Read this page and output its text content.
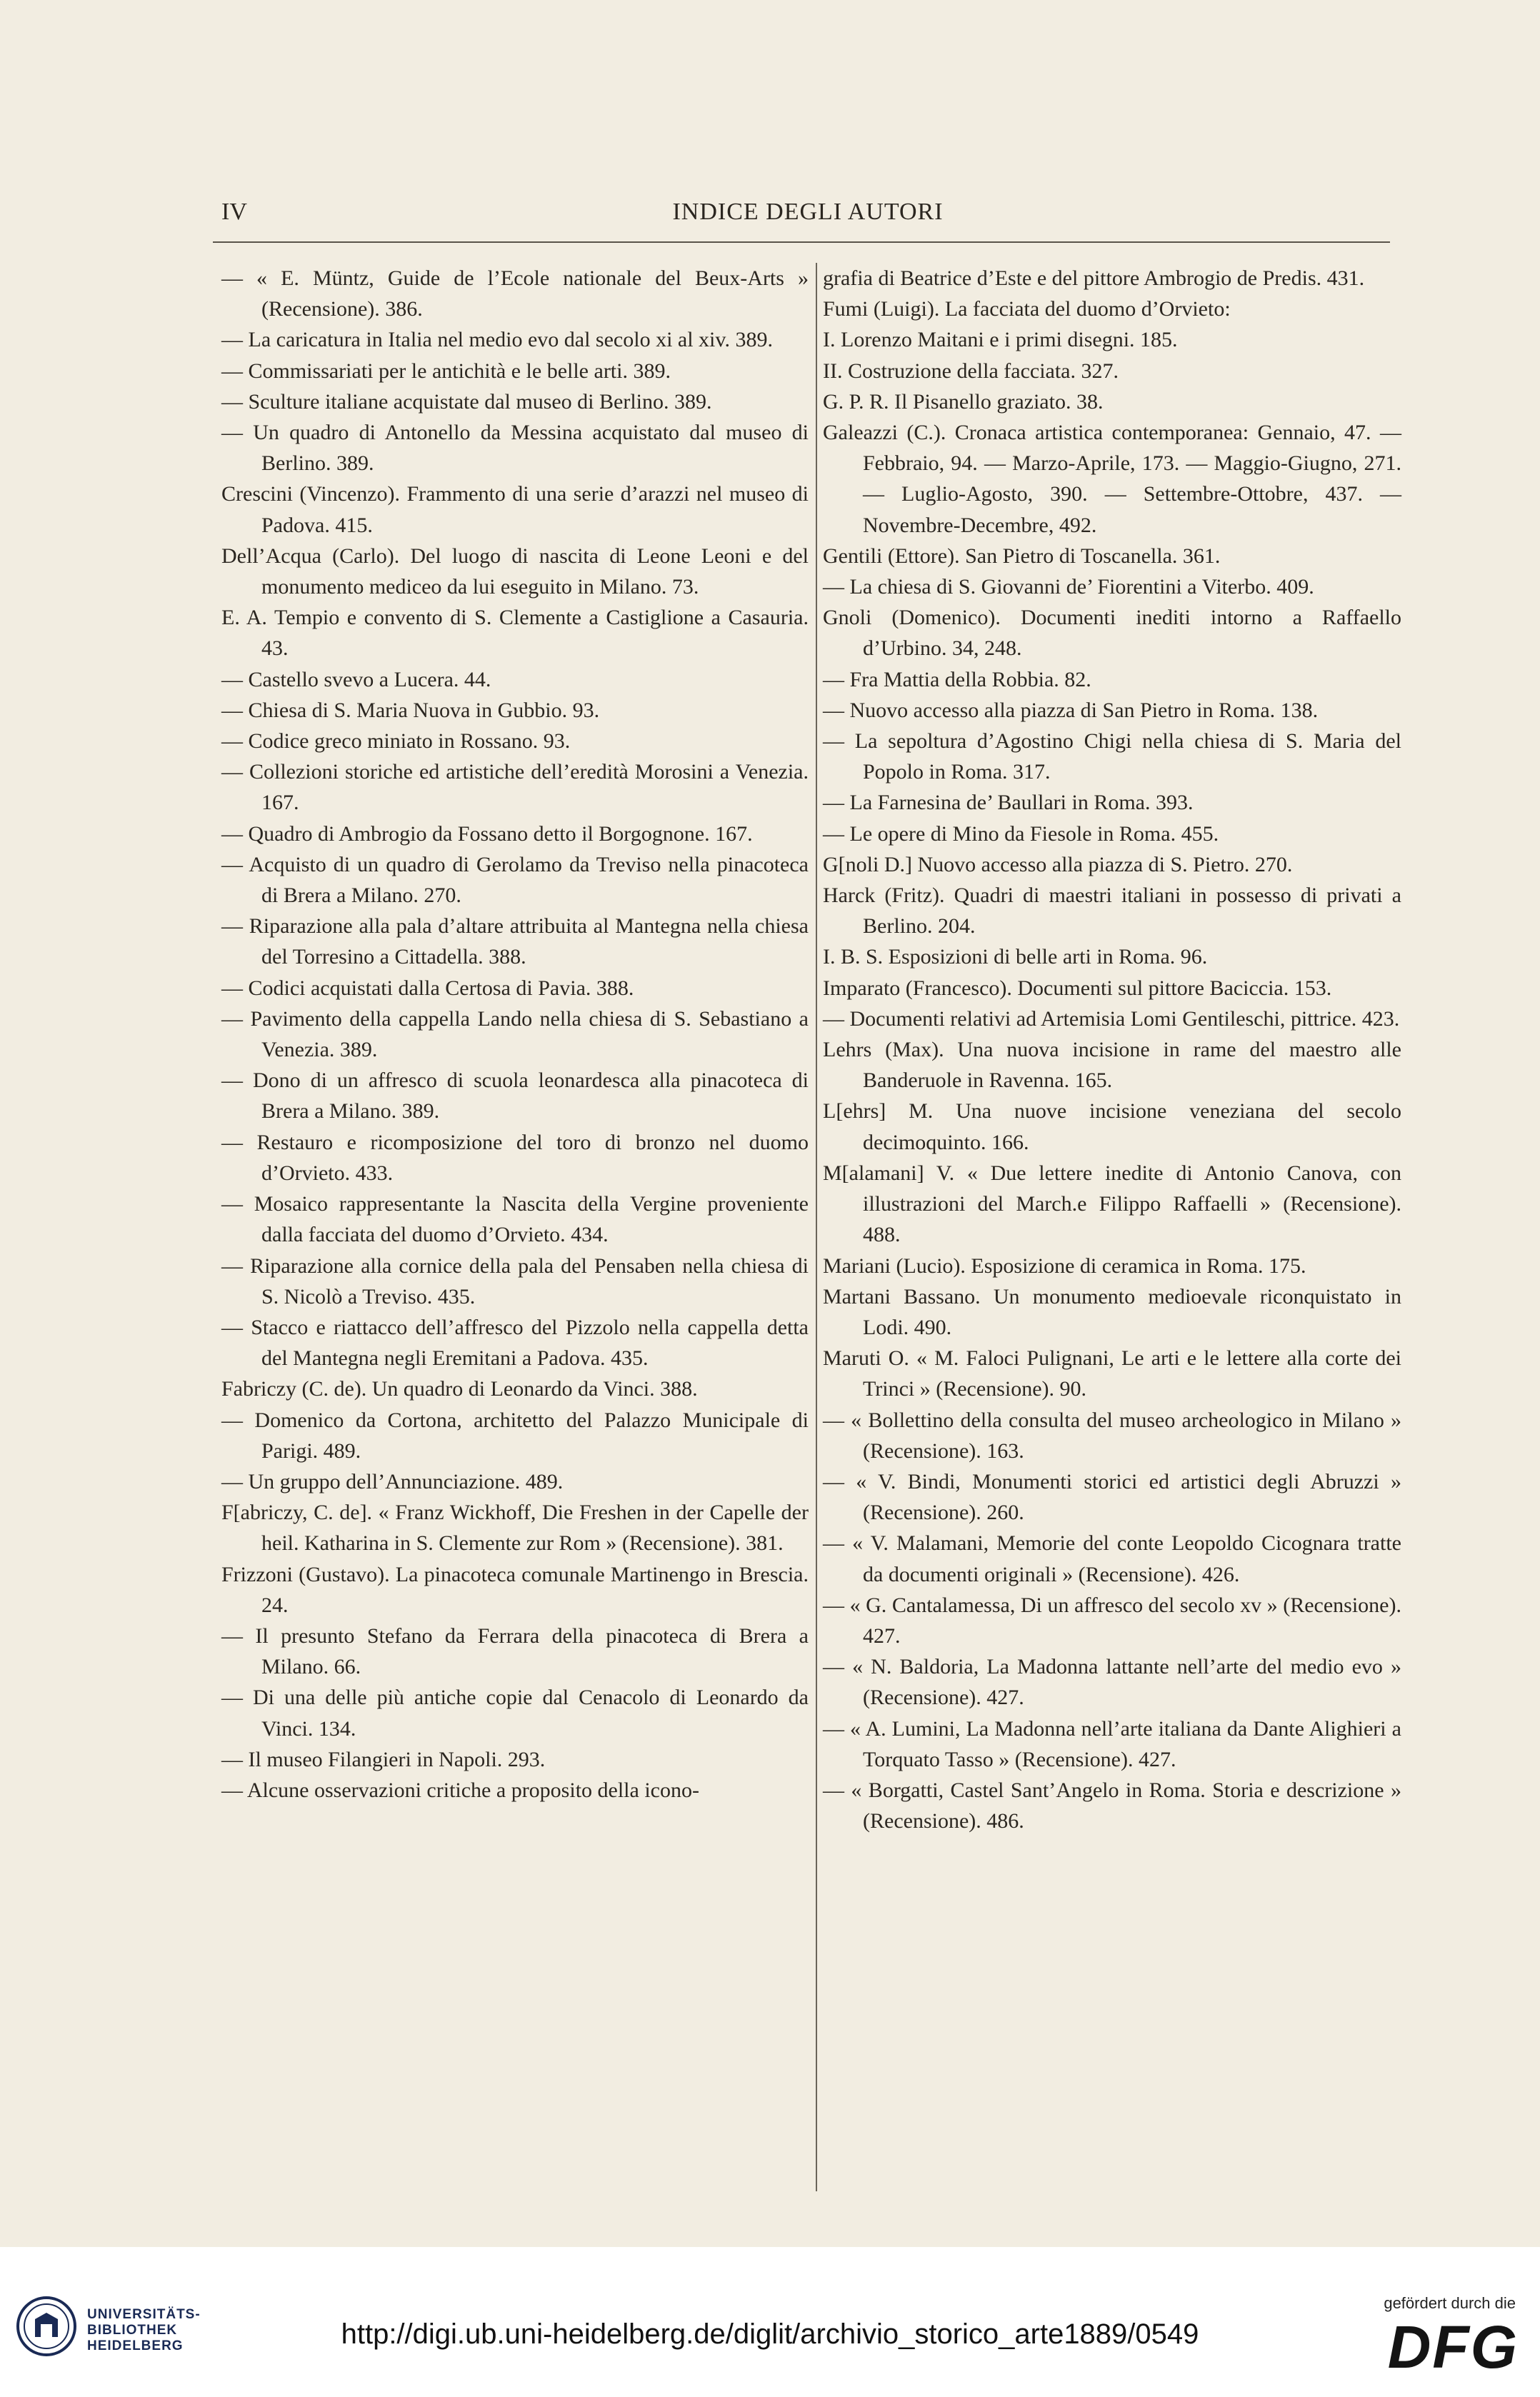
IV	INDICE DEGLI AUTORI

— « E. Müntz, Guide de l’Ecole nationale del Beux-Arts » (Recensione). 386.

— La caricatura in Italia nel medio evo dal secolo xi al xiv. 389.

— Commissariati per le antichità e le belle arti. 389.

— Sculture italiane acquistate dal museo di Berlino. 389.

— Un quadro di Antonello da Messina acquistato dal museo di Berlino. 389.

Crescini (Vincenzo). Frammento di una serie d’arazzi nel museo di Padova. 415.

Dell’Acqua (Carlo). Del luogo di nascita di Leone Leoni e del monumento mediceo da lui eseguito in Milano. 73.

E. A. Tempio e convento di S. Clemente a Castiglione a Casauria. 43.

— Castello svevo a Lucera. 44.

— Chiesa di S. Maria Nuova in Gubbio. 93.

— Codice greco miniato in Rossano. 93.

— Collezioni storiche ed artistiche dell’eredità Morosini a Venezia. 167.

— Quadro di Ambrogio da Fossano detto il Borgognone. 167.

— Acquisto di un quadro di Gerolamo da Treviso nella pinacoteca di Brera a Milano. 270.

— Riparazione alla pala d’altare attribuita al Mantegna nella chiesa del Torresino a Cittadella. 388.

— Codici acquistati dalla Certosa di Pavia. 388.

— Pavimento della cappella Lando nella chiesa di S. Sebastiano a Venezia. 389.

— Dono di un affresco di scuola leonardesca alla pinacoteca di Brera a Milano. 389.

— Restauro e ricomposizione del toro di bronzo nel duomo d’Orvieto. 433.

— Mosaico rappresentante la Nascita della Vergine proveniente dalla facciata del duomo d’Orvieto. 434.

— Riparazione alla cornice della pala del Pensaben nella chiesa di S. Nicolò a Treviso. 435.

— Stacco e riattacco dell’affresco del Pizzolo nella cappella detta del Mantegna negli Eremitani a Padova. 435.

Fabriczy (C. de). Un quadro di Leonardo da Vinci. 388.

— Domenico da Cortona, architetto del Palazzo Municipale di Parigi. 489.

— Un gruppo dell’Annunciazione. 489.

F[abriczy, C. de]. « Franz Wickhoff, Die Freshen in der Capelle der heil. Katharina in S. Clemente zur Rom » (Recensione). 381.

Frizzoni (Gustavo). La pinacoteca comunale Martinengo in Brescia. 24.

— Il presunto Stefano da Ferrara della pinacoteca di Brera a Milano. 66.

— Di una delle più antiche copie dal Cenacolo di Leonardo da Vinci. 134.

— Il museo Filangieri in Napoli. 293.

— Alcune osservazioni critiche a proposito della icono-

grafia di Beatrice d’Este e del pittore Ambrogio de Predis. 431.

Fumi (Luigi). La facciata del duomo d’Orvieto:

I. Lorenzo Maitani e i primi disegni. 185.

II. Costruzione della facciata. 327.

G. P. R. Il Pisanello graziato. 38.

Galeazzi (C.). Cronaca artistica contemporanea: Gennaio, 47. — Febbraio, 94. — Marzo-Aprile, 173. — Maggio-Giugno, 271. — Luglio-Agosto, 390. — Settembre-Ottobre, 437. — Novembre-Decembre, 492.

Gentili (Ettore). San Pietro di Toscanella. 361.

— La chiesa di S. Giovanni de’ Fiorentini a Viterbo. 409.

Gnoli (Domenico). Documenti inediti intorno a Raffaello d’Urbino. 34, 248.

— Fra Mattia della Robbia. 82.

— Nuovo accesso alla piazza di San Pietro in Roma. 138.

— La sepoltura d’Agostino Chigi nella chiesa di S. Maria del Popolo in Roma. 317.

— La Farnesina de’ Baullari in Roma. 393.

— Le opere di Mino da Fiesole in Roma. 455.

G[noli D.] Nuovo accesso alla piazza di S. Pietro. 270.

Harck (Fritz). Quadri di maestri italiani in possesso di privati a Berlino. 204.

I. B. S. Esposizioni di belle arti in Roma. 96.

Imparato (Francesco). Documenti sul pittore Baciccia. 153.

— Documenti relativi ad Artemisia Lomi Gentileschi, pittrice. 423.

Lehrs (Max). Una nuova incisione in rame del maestro alle Banderuole in Ravenna. 165.

L[ehrs] M. Una nuove incisione veneziana del secolo decimoquinto. 166.

M[alamani] V. « Due lettere inedite di Antonio Canova, con illustrazioni del March.e Filippo Raffaelli » (Recensione). 488.

Mariani (Lucio). Esposizione di ceramica in Roma. 175.

Martani Bassano. Un monumento medioevale riconquistato in Lodi. 490.

Maruti O. « M. Faloci Pulignani, Le arti e le lettere alla corte dei Trinci » (Recensione). 90.

— « Bollettino della consulta del museo archeologico in Milano » (Recensione). 163.

— « V. Bindi, Monumenti storici ed artistici degli Abruzzi » (Recensione). 260.

— « V. Malamani, Memorie del conte Leopoldo Cicognara tratte da documenti originali » (Recensione). 426.

— « G. Cantalamessa, Di un affresco del secolo xv » (Recensione). 427.

— « N. Baldoria, La Madonna lattante nell’arte del medio evo » (Recensione). 427.

— « A. Lumini, La Madonna nell’arte italiana da Dante Alighieri a Torquato Tasso » (Recensione). 427.

— « Borgatti, Castel Sant’Angelo in Roma. Storia e descrizione » (Recensione). 486.

UNIVERSITÄTS-
BIBLIOTHEK
HEIDELBERG	http://digi.ub.uni-heidelberg.de/diglit/archivio_storico_arte1889/0549
gefördert durch die
DFG
